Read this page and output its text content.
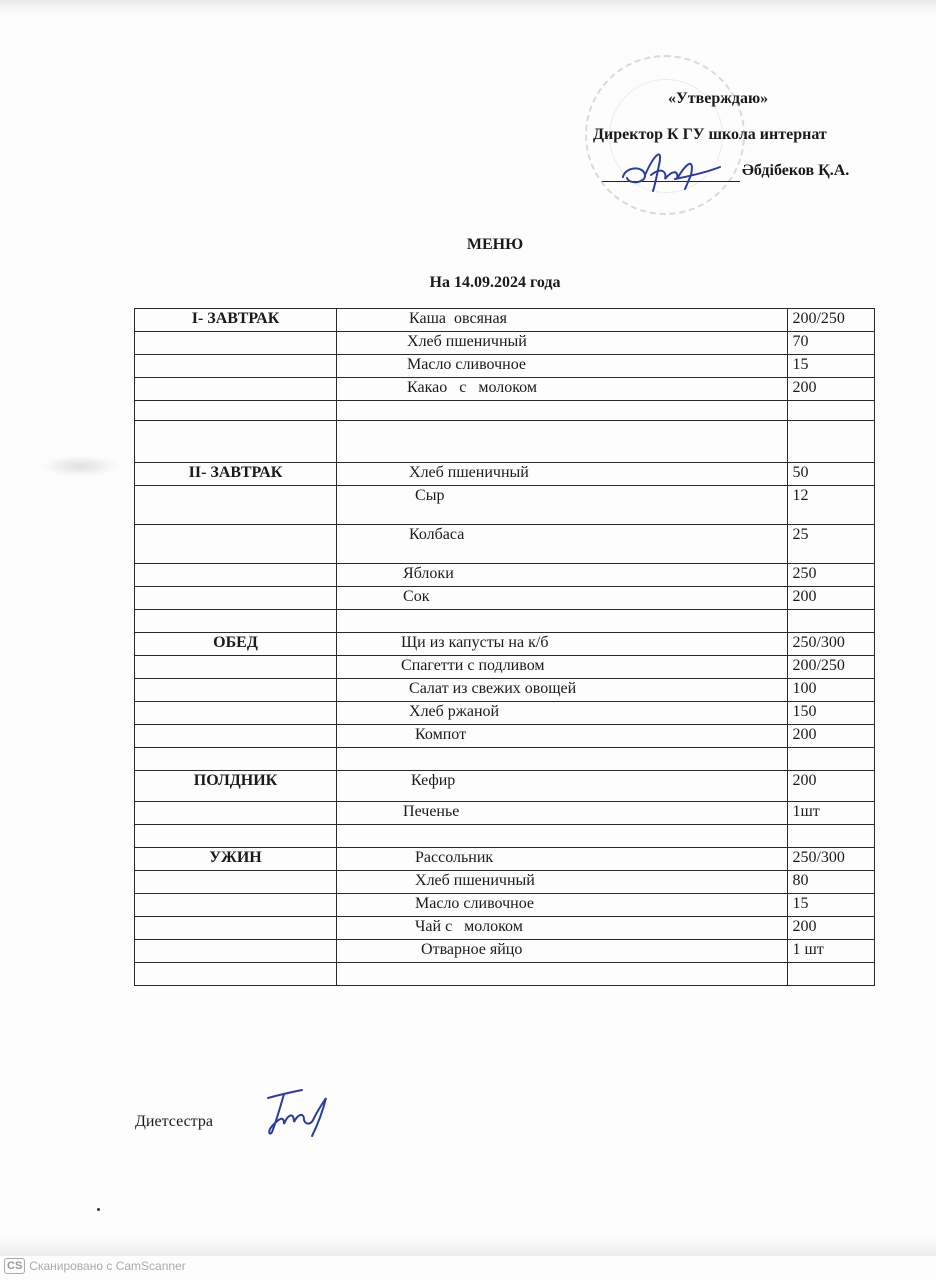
«Утверждаю»
Директор К ГУ школа интернат
Әбдібеков Қ.А.
МЕНЮ
На 14.09.2024 года
I- ЗАВТРАК	Каша  овсяная	200/250
	Хлеб пшеничный	70
	Масло сливочное	15
	Какао   с   молоком	200

II- ЗАВТРАК	Хлеб пшеничный	50
	Сыр	12
	Колбаса	25
	Яблоки	250
	Сок	200

ОБЕД	Щи из капусты на к/б	250/300
	Спагетти с подливом	200/250
	Салат из свежих овощей	100
	Хлеб ржаной	150
	Компот	200

ПОЛДНИК	Кефир	200
	Печенье	1шт

УЖИН	Рассольник	250/300
	Хлеб пшеничный	80
	Масло сливочное	15
	Чай с   молоком	200
	Отварное яйцо	1 шт

Диетсестра
CS Сканировано с CamScanner
